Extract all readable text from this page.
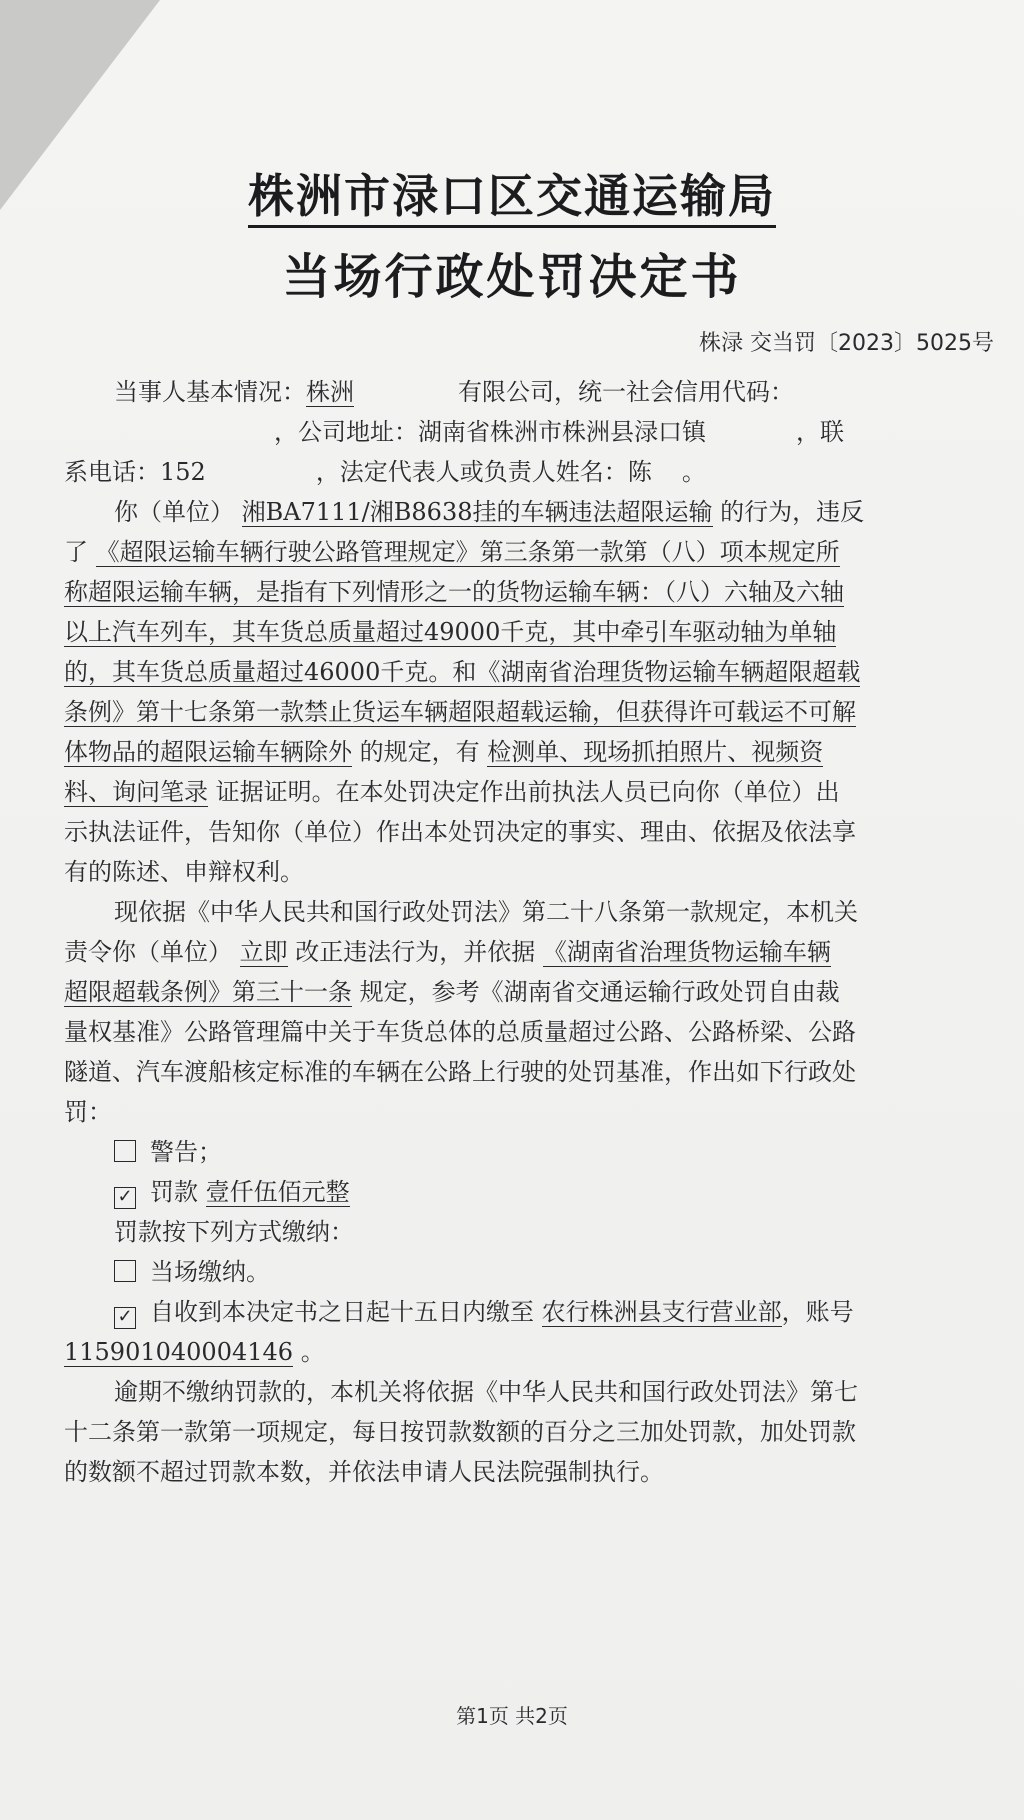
株洲市渌口区交通运输局
当场行政处罚决定书
株渌 交当罚〔2023〕5025号
当事人基本情况：株洲	有限公司，统一社会信用代码：
，公司地址：湖南省株洲市株洲县渌口镇	，联
系电话：152	，法定代表人或负责人姓名：陈 。
你（单位） 湘BA7111/湘B8638挂的车辆违法超限运输 的行为，违反
了 《超限运输车辆行驶公路管理规定》第三条第一款第（八）项本规定所
称超限运输车辆，是指有下列情形之一的货物运输车辆：（八）六轴及六轴
以上汽车列车，其车货总质量超过49000千克，其中牵引车驱动轴为单轴
的，其车货总质量超过46000千克。和《湖南省治理货物运输车辆超限超载
条例》第十七条第一款禁止货运车辆超限超载运输，但获得许可载运不可解
体物品的超限运输车辆除外 的规定，有 检测单、现场抓拍照片、视频资
料、询问笔录 证据证明。在本处罚决定作出前执法人员已向你（单位）出
示执法证件，告知你（单位）作出本处罚决定的事实、理由、依据及依法享
有的陈述、申辩权利。
现依据《中华人民共和国行政处罚法》第二十八条第一款规定，本机关
责令你（单位） 立即 改正违法行为，并依据 《湖南省治理货物运输车辆
超限超载条例》第三十一条 规定，参考《湖南省交通运输行政处罚自由裁
量权基准》公路管理篇中关于车货总体的总质量超过公路、公路桥梁、公路
隧道、汽车渡船核定标准的车辆在公路上行驶的处罚基准，作出如下行政处
罚：
警告；
✓ 罚款 壹仟伍佰元整
罚款按下列方式缴纳：
当场缴纳。
✓ 自收到本决定书之日起十五日内缴至 农行株洲县支行营业部，账号
115901040004146 。
逾期不缴纳罚款的，本机关将依据《中华人民共和国行政处罚法》第七
十二条第一款第一项规定，每日按罚款数额的百分之三加处罚款，加处罚款
的数额不超过罚款本数，并依法申请人民法院强制执行。
第1页 共2页
